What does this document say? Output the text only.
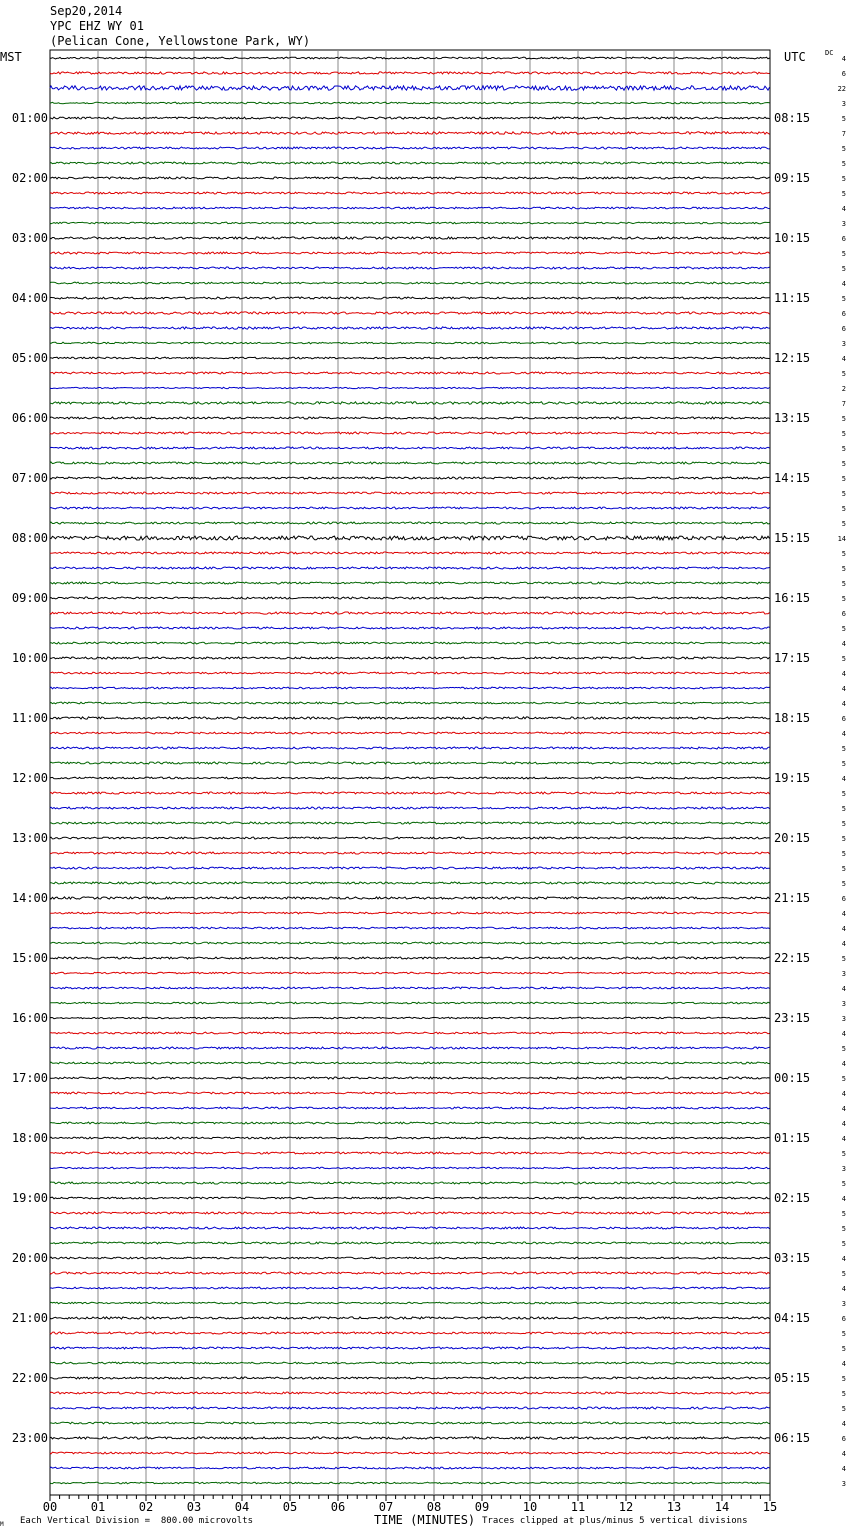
4
6
22
3
5
7
5
5
5
5
4
3
6
5
5
4
5
6
6
3
4
5
2
7
5
5
5
5
5
5
5
5
14
5
5
5
5
6
5
4
5
4
4
4
6
4
5
5
4
5
5
5
5
5
5
5
6
4
4
4
5
3
4
3
3
4
5
4
5
4
4
4
4
5
3
5
4
5
5
5
4
5
4
3
6
5
5
4
5
5
5
4
6
4
4
3
01:00
02:00
03:00
04:00
05:00
06:00
07:00
08:00
09:00
10:00
11:00
12:00
13:00
14:00
15:00
16:00
17:00
18:00
19:00
20:00
21:00
22:00
23:00
08:15
09:15
10:15
11:15
12:15
13:15
14:15
15:15
16:15
17:15
18:15
19:15
20:15
21:15
22:15
23:15
00:15
01:15
02:15
03:15
04:15
05:15
06:15
00	01	02	03	04	05	06	07	08	09	10	11	12	13	14	15
Sep20,2014
YPC EHZ WY 01
(Pelican Cone, Yellowstone Park, WY)
MST	UTC	DC
M Each Vertical Division =  800.00 microvolts	TIME (MINUTES) Traces clipped at plus/minus 5 vertical divisions
